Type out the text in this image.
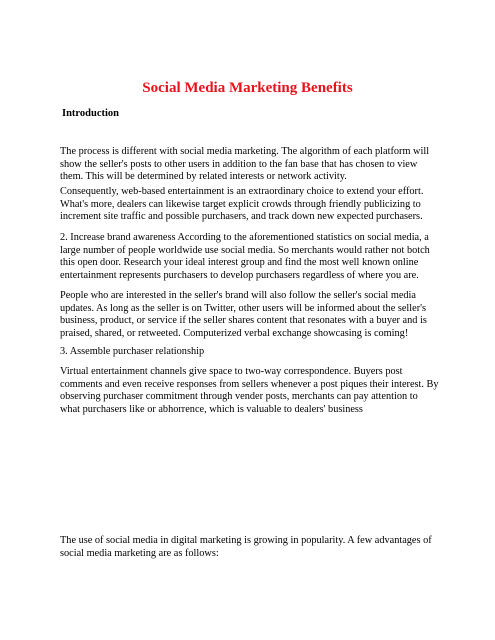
Social Media Marketing Benefits
Introduction

The process is different with social media marketing. The algorithm of each platform will show the seller's posts to other users in addition to the fan base that has chosen to view them. This will be determined by related interests or network activity.

Consequently, web-based entertainment is an extraordinary choice to extend your effort. What's more, dealers can likewise target explicit crowds through friendly publicizing to increment site traffic and possible purchasers, and track down new expected purchasers.

2. Increase brand awareness According to the aforementioned statistics on social media, a large number of people worldwide use social media. So merchants would rather not botch this open door. Research your ideal interest group and find the most well known online entertainment represents purchasers to develop purchasers regardless of where you are.

People who are interested in the seller's brand will also follow the seller's social media updates. As long as the seller is on Twitter, other users will be informed about the seller's business, product, or service if the seller shares content that resonates with a buyer and is praised, shared, or retweeted. Computerized verbal exchange showcasing is coming!

3. Assemble purchaser relationship

Virtual entertainment channels give space to two-way correspondence. Buyers post comments and even receive responses from sellers whenever a post piques their interest. By observing purchaser commitment through vender posts, merchants can pay attention to what purchasers like or abhorrence, which is valuable to dealers' business

The use of social media in digital marketing is growing in popularity. A few advantages of social media marketing are as follows:
